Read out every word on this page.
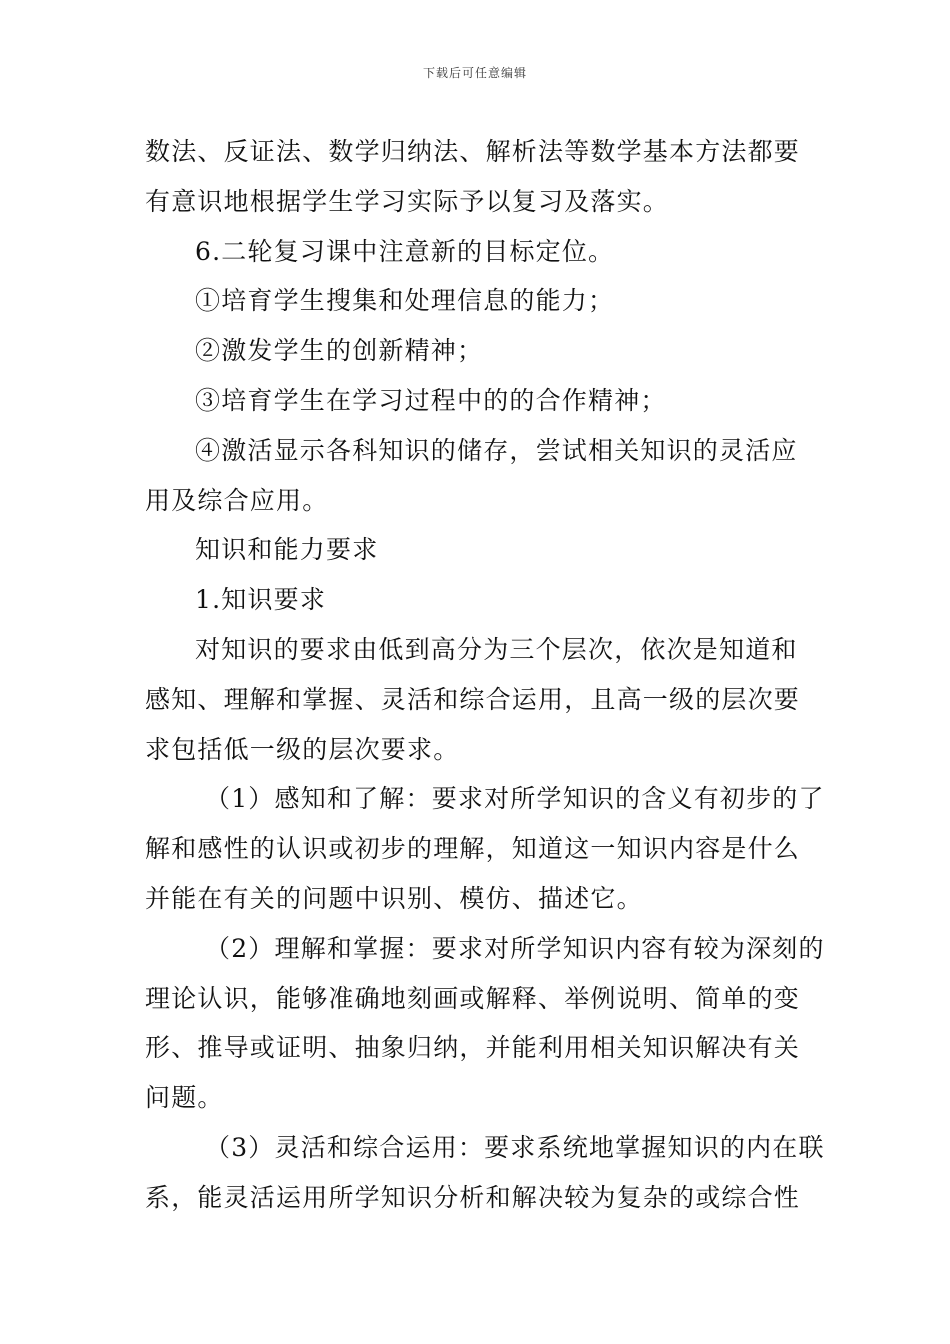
下载后可任意编辑
数法、反证法、数学归纳法、解析法等数学基本方法都要
有意识地根据学生学习实际予以复习及落实。
6.二轮复习课中注意新的目标定位。
①培育学生搜集和处理信息的能力；
②激发学生的创新精神；
③培育学生在学习过程中的的合作精神；
④激活显示各科知识的储存，尝试相关知识的灵活应
用及综合应用。
知识和能力要求
1.知识要求
对知识的要求由低到高分为三个层次，依次是知道和
感知、理解和掌握、灵活和综合运用，且高一级的层次要
求包括低一级的层次要求。
（1）感知和了解：要求对所学知识的含义有初步的了
解和感性的认识或初步的理解，知道这一知识内容是什么
并能在有关的问题中识别、模仿、描述它。
（2）理解和掌握：要求对所学知识内容有较为深刻的
理论认识，能够准确地刻画或解释、举例说明、简单的变
形、推导或证明、抽象归纳，并能利用相关知识解决有关
问题。
（3）灵活和综合运用：要求系统地掌握知识的内在联
系，能灵活运用所学知识分析和解决较为复杂的或综合性
